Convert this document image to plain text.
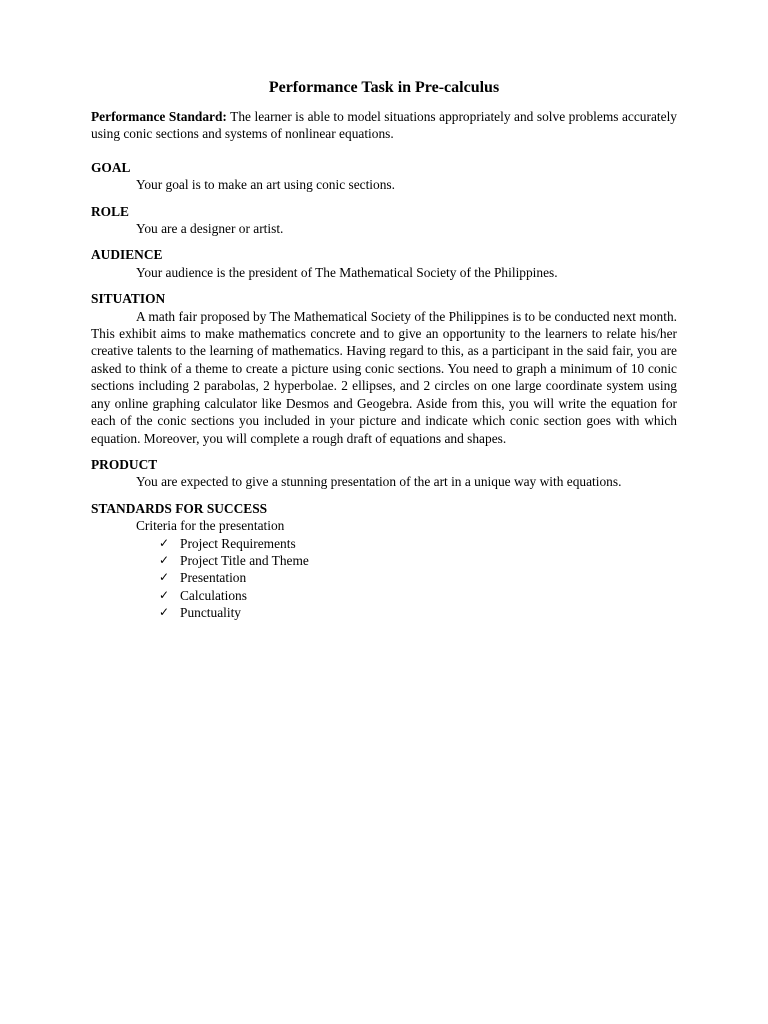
Performance Task in Pre-calculus

Performance Standard: The learner is able to model situations appropriately and solve problems accurately using conic sections and systems of nonlinear equations.

GOAL

Your goal is to make an art using conic sections.

ROLE

You are a designer or artist.

AUDIENCE

Your audience is the president of The Mathematical Society of the Philippines.

SITUATION

A math fair proposed by The Mathematical Society of the Philippines is to be conducted next month. This exhibit aims to make mathematics concrete and to give an opportunity to the learners to relate his/her creative talents to the learning of mathematics. Having regard to this, as a participant in the said fair, you are asked to think of a theme to create a picture using conic sections. You need to graph a minimum of 10 conic sections including 2 parabolas, 2 hyperbolae. 2 ellipses, and 2 circles on one large coordinate system using any online graphing calculator like Desmos and Geogebra. Aside from this, you will write the equation for each of the conic sections you included in your picture and indicate which conic section goes with which equation. Moreover, you will complete a rough draft of equations and shapes.

PRODUCT

You are expected to give a stunning presentation of the art in a unique way with equations.

STANDARDS FOR SUCCESS

Criteria for the presentation

✓ Project Requirements
✓ Project Title and Theme
✓ Presentation
✓ Calculations
✓ Punctuality
